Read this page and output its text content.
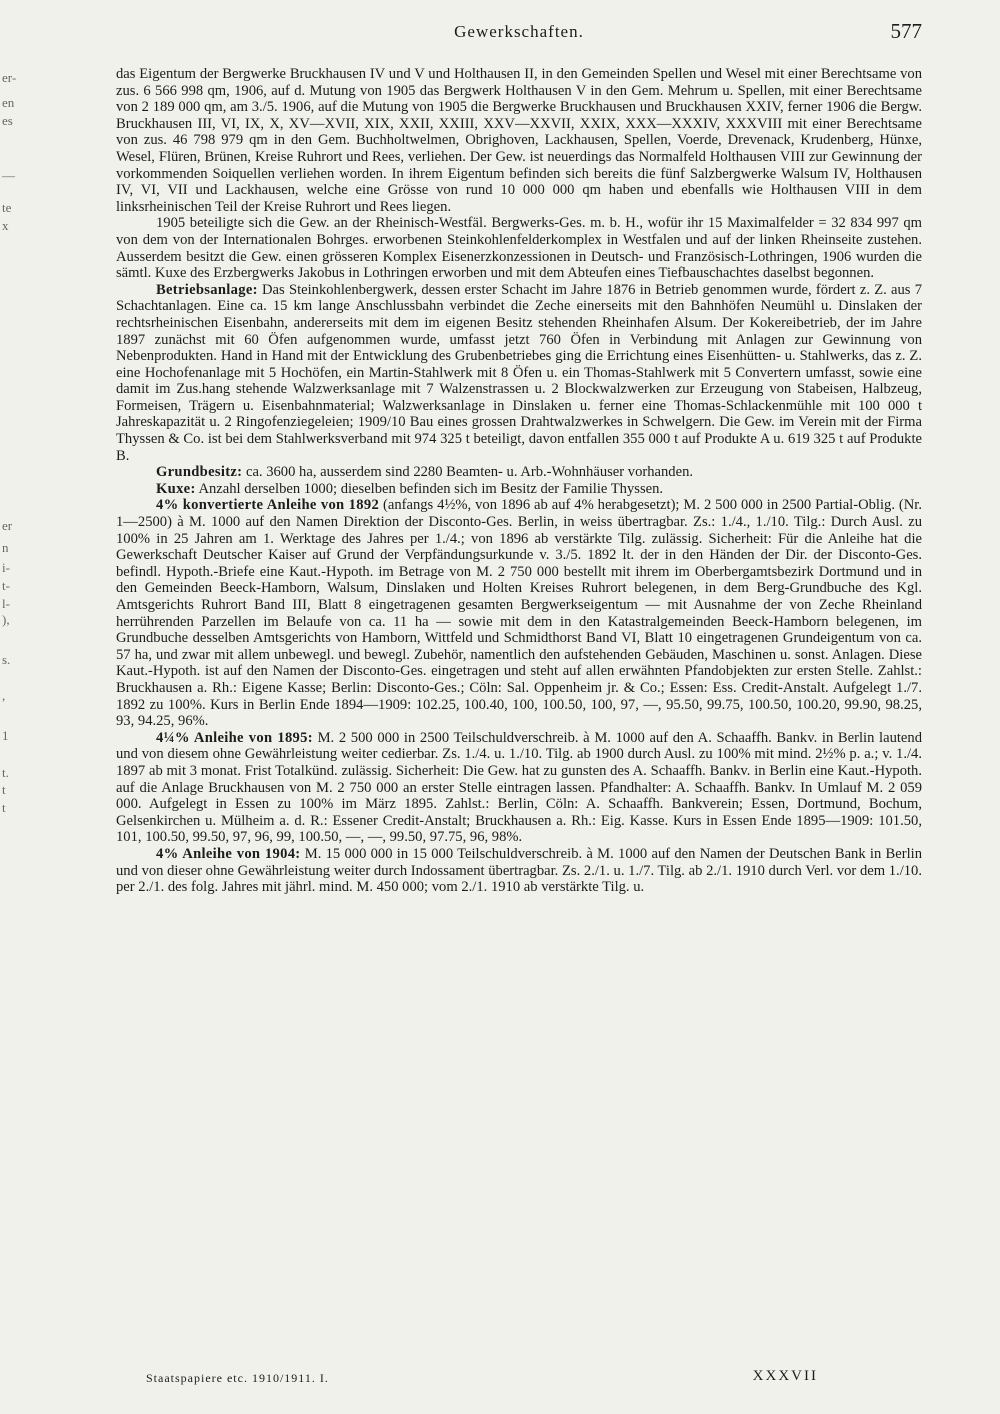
er-
en
es
—
te
x
er
n
i-
t-
l-
),
s.
,
1
t.
t
t
Gewerkschaften.	577

das Eigentum der Bergwerke Bruckhausen IV und V und Holthausen II, in den Gemeinden Spellen und Wesel mit einer Berechtsame von zus. 6 566 998 qm, 1906, auf d. Mutung von 1905 das Bergwerk Holthausen V in den Gem. Mehrum u. Spellen, mit einer Berechtsame von 2 189 000 qm, am 3./5. 1906, auf die Mutung von 1905 die Bergwerke Bruckhausen und Bruckhausen XXIV, ferner 1906 die Bergw. Bruckhausen III, VI, IX, X, XV—XVII, XIX, XXII, XXIII, XXV—XXVII, XXIX, XXX—XXXIV, XXXVIII mit einer Berechtsame von zus. 46 798 979 qm in den Gem. Buchholtwelmen, Obrighoven, Lackhausen, Spellen, Voerde, Drevenack, Krudenberg, Hünxe, Wesel, Flüren, Brünen, Kreise Ruhrort und Rees, verliehen. Der Gew. ist neuerdings das Normalfeld Holthausen VIII zur Gewinnung der vorkommenden Soiquellen verliehen worden. In ihrem Eigentum befinden sich bereits die fünf Salzbergwerke Walsum IV, Holthausen IV, VI, VII und Lackhausen, welche eine Grösse von rund 10 000 000 qm haben und ebenfalls wie Holthausen VIII in dem linksrheinischen Teil der Kreise Ruhrort und Rees liegen.

1905 beteiligte sich die Gew. an der Rheinisch-Westfäl. Bergwerks-Ges. m. b. H., wofür ihr 15 Maximalfelder = 32 834 997 qm von dem von der Internationalen Bohrges. erworbenen Steinkohlenfelderkomplex in Westfalen und auf der linken Rheinseite zustehen. Ausserdem besitzt die Gew. einen grösseren Komplex Eisenerzkonzessionen in Deutsch- und Französisch-Lothringen, 1906 wurden die sämtl. Kuxe des Erzbergwerks Jakobus in Lothringen erworben und mit dem Abteufen eines Tiefbauschachtes daselbst begonnen.

Betriebsanlage: Das Steinkohlenbergwerk, dessen erster Schacht im Jahre 1876 in Betrieb genommen wurde, fördert z. Z. aus 7 Schachtanlagen. Eine ca. 15 km lange Anschlussbahn verbindet die Zeche einerseits mit den Bahnhöfen Neumühl u. Dinslaken der rechtsrheinischen Eisenbahn, andererseits mit dem im eigenen Besitz stehenden Rheinhafen Alsum. Der Kokereibetrieb, der im Jahre 1897 zunächst mit 60 Öfen aufgenommen wurde, umfasst jetzt 760 Öfen in Verbindung mit Anlagen zur Gewinnung von Nebenprodukten. Hand in Hand mit der Entwicklung des Grubenbetriebes ging die Errichtung eines Eisenhütten- u. Stahlwerks, das z. Z. eine Hochofenanlage mit 5 Hochöfen, ein Martin-Stahlwerk mit 8 Öfen u. ein Thomas-Stahlwerk mit 5 Convertern umfasst, sowie eine damit im Zus.hang stehende Walzwerksanlage mit 7 Walzenstrassen u. 2 Blockwalzwerken zur Erzeugung von Stabeisen, Halbzeug, Formeisen, Trägern u. Eisenbahnmaterial; Walzwerksanlage in Dinslaken u. ferner eine Thomas-Schlackenmühle mit 100 000 t Jahreskapazität u. 2 Ringofenziegeleien; 1909/10 Bau eines grossen Drahtwalzwerkes in Schwelgern. Die Gew. im Verein mit der Firma Thyssen & Co. ist bei dem Stahlwerksverband mit 974 325 t beteiligt, davon entfallen 355 000 t auf Produkte A u. 619 325 t auf Produkte B.

Grundbesitz: ca. 3600 ha, ausserdem sind 2280 Beamten- u. Arb.-Wohnhäuser vorhanden.

Kuxe: Anzahl derselben 1000; dieselben befinden sich im Besitz der Familie Thyssen.

4% konvertierte Anleihe von 1892 (anfangs 4½%, von 1896 ab auf 4% herabgesetzt); M. 2 500 000 in 2500 Partial-Oblig. (Nr. 1—2500) à M. 1000 auf den Namen Direktion der Disconto-Ges. Berlin, in weiss übertragbar. Zs.: 1./4., 1./10. Tilg.: Durch Ausl. zu 100% in 25 Jahren am 1. Werktage des Jahres per 1./4.; von 1896 ab verstärkte Tilg. zulässig. Sicherheit: Für die Anleihe hat die Gewerkschaft Deutscher Kaiser auf Grund der Verpfändungsurkunde v. 3./5. 1892 lt. der in den Händen der Dir. der Disconto-Ges. befindl. Hypoth.-Briefe eine Kaut.-Hypoth. im Betrage von M. 2 750 000 bestellt mit ihrem im Oberbergamtsbezirk Dortmund und in den Gemeinden Beeck-Hamborn, Walsum, Dinslaken und Holten Kreises Ruhrort belegenen, in dem Berg-Grundbuche des Kgl. Amtsgerichts Ruhrort Band III, Blatt 8 eingetragenen gesamten Bergwerkseigentum — mit Ausnahme der von Zeche Rheinland herrührenden Parzellen im Belaufe von ca. 11 ha — sowie mit dem in den Katastralgemeinden Beeck-Hamborn belegenen, im Grundbuche desselben Amtsgerichts von Hamborn, Wittfeld und Schmidthorst Band VI, Blatt 10 eingetragenen Grundeigentum von ca. 57 ha, und zwar mit allem unbewegl. und bewegl. Zubehör, namentlich den aufstehenden Gebäuden, Maschinen u. sonst. Anlagen. Diese Kaut.-Hypoth. ist auf den Namen der Disconto-Ges. eingetragen und steht auf allen erwähnten Pfandobjekten zur ersten Stelle. Zahlst.: Bruckhausen a. Rh.: Eigene Kasse; Berlin: Disconto-Ges.; Cöln: Sal. Oppenheim jr. & Co.; Essen: Ess. Credit-Anstalt. Aufgelegt 1./7. 1892 zu 100%. Kurs in Berlin Ende 1894—1909: 102.25, 100.40, 100, 100.50, 100, 97, —, 95.50, 99.75, 100.50, 100.20, 99.90, 98.25, 93, 94.25, 96%.

4¼% Anleihe von 1895: M. 2 500 000 in 2500 Teilschuldverschreib. à M. 1000 auf den A. Schaaffh. Bankv. in Berlin lautend und von diesem ohne Gewährleistung weiter cedierbar. Zs. 1./4. u. 1./10. Tilg. ab 1900 durch Ausl. zu 100% mit mind. 2½% p. a.; v. 1./4. 1897 ab mit 3 monat. Frist Totalkünd. zulässig. Sicherheit: Die Gew. hat zu gunsten des A. Schaaffh. Bankv. in Berlin eine Kaut.-Hypoth. auf die Anlage Bruckhausen von M. 2 750 000 an erster Stelle eintragen lassen. Pfandhalter: A. Schaaffh. Bankv. In Umlauf M. 2 059 000. Aufgelegt in Essen zu 100% im März 1895. Zahlst.: Berlin, Cöln: A. Schaaffh. Bankverein; Essen, Dortmund, Bochum, Gelsenkirchen u. Mülheim a. d. R.: Essener Credit-Anstalt; Bruckhausen a. Rh.: Eig. Kasse. Kurs in Essen Ende 1895—1909: 101.50, 101, 100.50, 99.50, 97, 96, 99, 100.50, —, —, 99.50, 97.75, 96, 98%.

4% Anleihe von 1904: M. 15 000 000 in 15 000 Teilschuldverschreib. à M. 1000 auf den Namen der Deutschen Bank in Berlin und von dieser ohne Gewährleistung weiter durch Indossament übertragbar. Zs. 2./1. u. 1./7. Tilg. ab 2./1. 1910 durch Verl. vor dem 1./10. per 2./1. des folg. Jahres mit jährl. mind. M. 450 000; vom 2./1. 1910 ab verstärkte Tilg. u.

Staatspapiere etc. 1910/1911. I.	XXXVII
